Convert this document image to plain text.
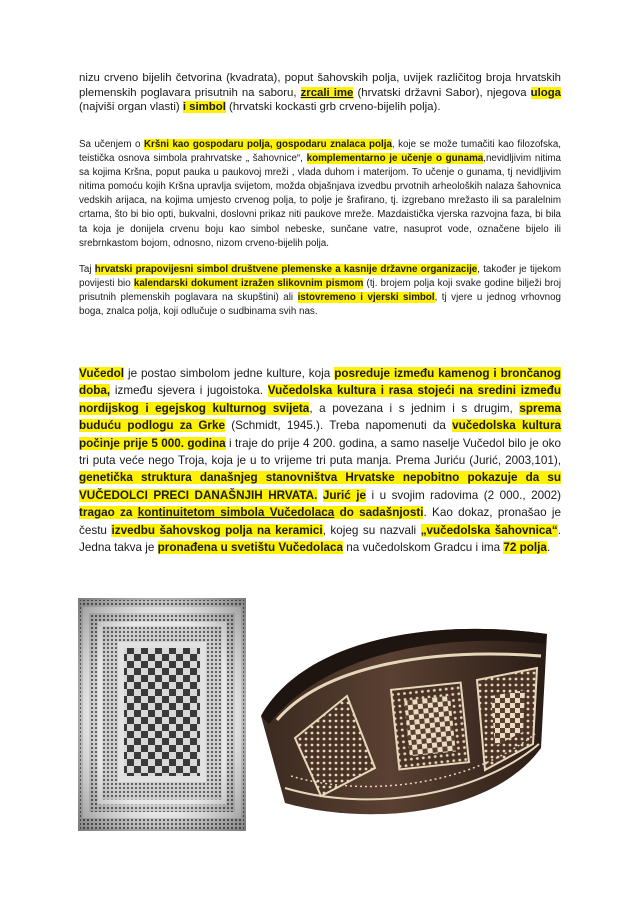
nizu crveno bijelih četvorina (kvadrata), poput šahovskih polja, uvijek različitog broja hrvatskih plemenskih poglavara prisutnih na saboru, zrcali ime (hrvatski državni Sabor), njegova uloga (najviši organ vlasti) i simbol (hrvatski kockasti grb crveno-bijelih polja).

Sa učenjem o Kršni kao gospodaru polja, gospodaru znalaca polja, koje se može tumačiti kao filozofska, teistička osnova simbola prahrvatske „ šahovnice“, komplementarno je učenje o gunama,nevidljivim nitima sa kojima Kršna, poput pauka u paukovoj mreži , vlada duhom i materijom. To učenje o gunama, tj nevidljivim nitima pomoću kojih Kršna upravlja svijetom, možda objašnjava izvedbu prvotnih arheoloških nalaza šahovnica vedskih arijaca, na kojima umjesto crvenog polja, to polje je šrafirano, tj. izgrebano mrežasto ili sa paralelnim crtama, što bi bio opti, bukvalni, doslovni prikaz niti paukove mreže. Mazdaistička vjerska razvojna faza, bi bila ta koja je donijela crvenu boju kao simbol nebeske, sunčane vatre, nasuprot vode, označene bijelo ili srebrnkastom bojom, odnosno, nizom crveno-bijelih polja.

Taj hrvatski prapovijesni simbol društvene plemenske a kasnije državne organizacije, također je tijekom povijesti bio kalendarski dokument izražen slikovnim pismom (tj. brojem polja koji svake godine bilježi broj prisutnih plemenskih poglavara na skupštini) ali istovremeno i vjerski simbol, tj vjere u jednog vrhovnog boga, znalca polja, koji odlučuje o sudbinama svih nas.

Vučedol je postao simbolom jedne kulture, koja posreduje između kamenog i brončanog doba, između sjevera i jugoistoka. Vučedolska kultura i rasa stojeći na sredini između nordijskog i egejskog kulturnog svijeta, a povezana i s jednim i s drugim, sprema buduću podlogu za Grke (Schmidt, 1945.). Treba napomenuti da vučedolska kultura počinje prije 5 000. godina i traje do prije 4 200. godina, a samo naselje Vučedol bilo je oko tri puta veće nego Troja, koja je u to vrijeme tri puta manja. Prema Juriću (Jurić, 2003,101), genetička struktura današnjeg stanovništva Hrvatske nepobitno pokazuje da su VUČEDOLCI PRECI DANAŠNJIH HRVATA. Jurić je i u svojim radovima (2 000., 2002) tragao za kontinuitetom simbola Vučedolaca do sadašnjosti. Kao dokaz, pronašao je čestu izvedbu šahovskog polja na keramici, kojeg su nazvali „vučedolska šahovnica“. Jedna takva je pronađena u svetištu Vučedolaca na vučedolskom Gradcu i ima 72 polja.
